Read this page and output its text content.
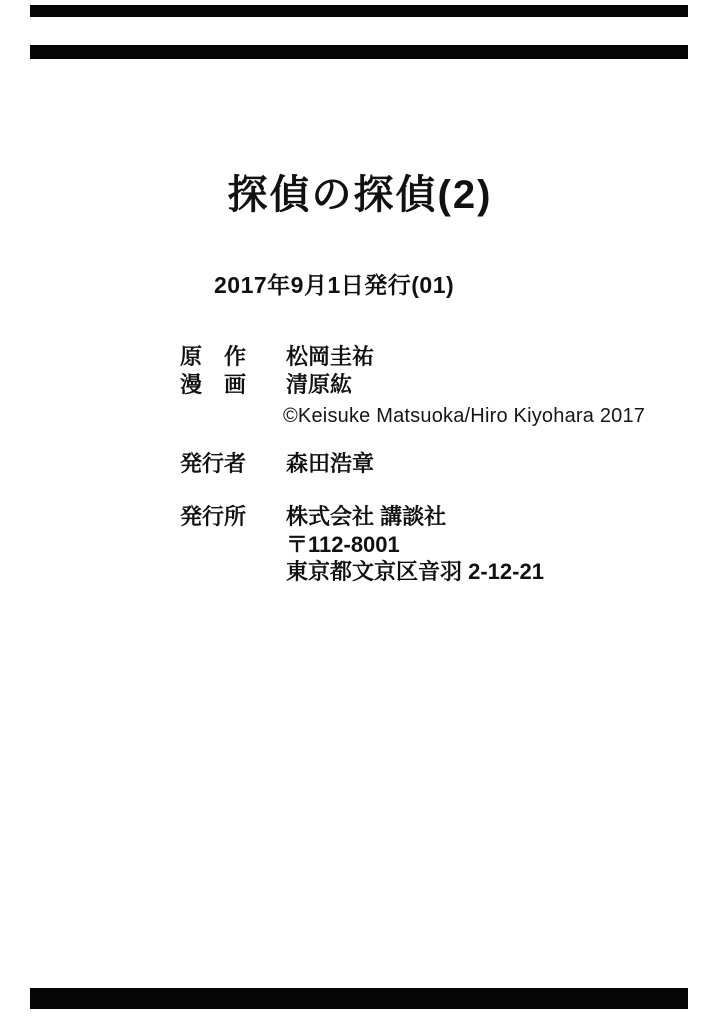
探偵の探偵(2)
2017年9月1日発行(01)
原　作 松岡圭祐
漫　画 清原紘
©Keisuke Matsuoka/Hiro Kiyohara 2017
発行者 森田浩章
発行所 株式会社 講談社
〒112-8001
東京都文京区音羽 2-12-21
